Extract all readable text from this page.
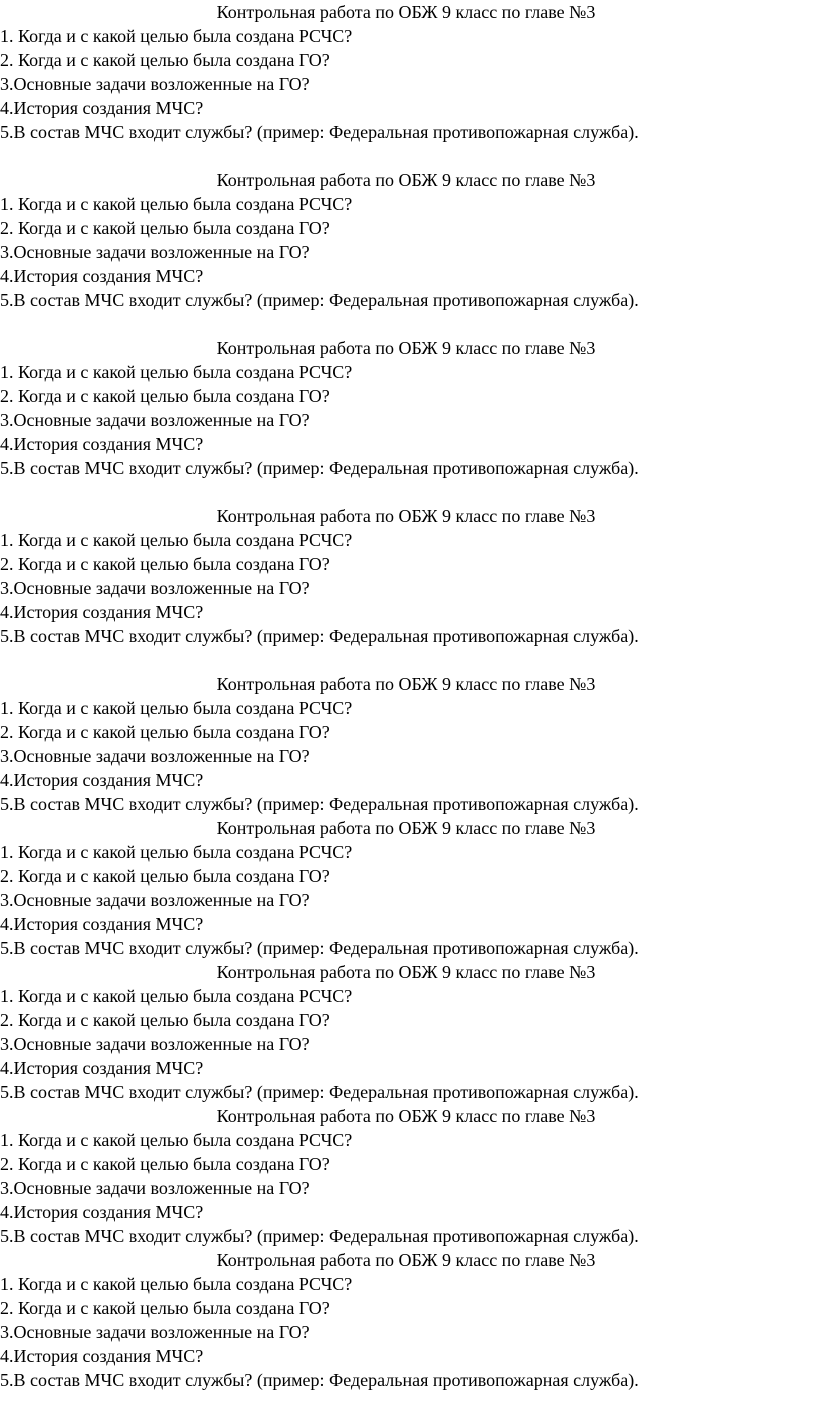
Контрольная работа по ОБЖ 9 класс по главе №3
1. Когда и с какой целью была создана РСЧС?
2. Когда и с какой целью была создана ГО?
3.Основные задачи возложенные на ГО?
4.История создания МЧС?
5.В состав МЧС входит службы? (пример: Федеральная противопожарная служба).
Контрольная работа по ОБЖ 9 класс по главе №3
1. Когда и с какой целью была создана РСЧС?
2. Когда и с какой целью была создана ГО?
3.Основные задачи возложенные на ГО?
4.История создания МЧС?
5.В состав МЧС входит службы? (пример: Федеральная противопожарная служба).
Контрольная работа по ОБЖ 9 класс по главе №3
1. Когда и с какой целью была создана РСЧС?
2. Когда и с какой целью была создана ГО?
3.Основные задачи возложенные на ГО?
4.История создания МЧС?
5.В состав МЧС входит службы? (пример: Федеральная противопожарная служба).
Контрольная работа по ОБЖ 9 класс по главе №3
1. Когда и с какой целью была создана РСЧС?
2. Когда и с какой целью была создана ГО?
3.Основные задачи возложенные на ГО?
4.История создания МЧС?
5.В состав МЧС входит службы? (пример: Федеральная противопожарная служба).
Контрольная работа по ОБЖ 9 класс по главе №3
1. Когда и с какой целью была создана РСЧС?
2. Когда и с какой целью была создана ГО?
3.Основные задачи возложенные на ГО?
4.История создания МЧС?
5.В состав МЧС входит службы? (пример: Федеральная противопожарная служба).
Контрольная работа по ОБЖ 9 класс по главе №3
1. Когда и с какой целью была создана РСЧС?
2. Когда и с какой целью была создана ГО?
3.Основные задачи возложенные на ГО?
4.История создания МЧС?
5.В состав МЧС входит службы? (пример: Федеральная противопожарная служба).
Контрольная работа по ОБЖ 9 класс по главе №3
1. Когда и с какой целью была создана РСЧС?
2. Когда и с какой целью была создана ГО?
3.Основные задачи возложенные на ГО?
4.История создания МЧС?
5.В состав МЧС входит службы? (пример: Федеральная противопожарная служба).
Контрольная работа по ОБЖ 9 класс по главе №3
1. Когда и с какой целью была создана РСЧС?
2. Когда и с какой целью была создана ГО?
3.Основные задачи возложенные на ГО?
4.История создания МЧС?
5.В состав МЧС входит службы? (пример: Федеральная противопожарная служба).
Контрольная работа по ОБЖ 9 класс по главе №3
1. Когда и с какой целью была создана РСЧС?
2. Когда и с какой целью была создана ГО?
3.Основные задачи возложенные на ГО?
4.История создания МЧС?
5.В состав МЧС входит службы? (пример: Федеральная противопожарная служба).
